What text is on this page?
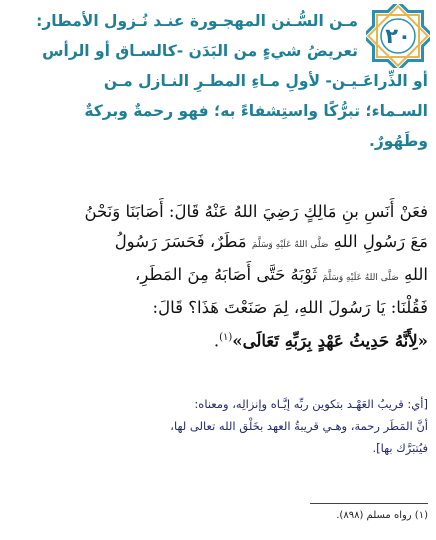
٢٠
مـن السُّـنن المهجـورة عنـد نُـزول الأمطار:
تعريضُ شيءٍ من البَدَن -كالسـاق أو الرأس
أو الذِّراعَـيـن- لأولِ مـاءِ المطـرِ النـازل مـن
السـماء؛ تبرُّكًا واستِشفاءً به؛ فهو رحمةٌ وبركةٌ
وطَهُورٌ.
فعَنْ أَنَسِ بنِ مَالِكٍ رَضِيَ اللهُ عَنْهُ قَالَ: أَصَابَنَا وَنَحْنُ
مَعَ رَسُولِ اللهِ صَلَّى اللهُ عَلَيْهِ وَسَلَّمَ مَطَرٌ، فَحَسَرَ رَسُولُ
اللهِ صَلَّى اللهُ عَلَيْهِ وَسَلَّمَ ثَوْبَهُ حَتَّى أَصَابَهُ مِنَ المَطَرِ،
فَقُلْنَا: يَا رَسُولَ اللهِ، لِمَ صَنَعْتَ هَذَا؟ قَالَ:
«لِأَنَّهُ حَدِيثُ عَهْدٍ بِرَبِّهِ تَعَالَى»$^{(١)}$.
[أي: قريبُ العَهْـد بتكوين ربِّه إيَّـاه وإنزالِه، ومعناه:
أنَّ المَطَر رحمة، وهـي قريبةُ العهد بخَلْق الله تعالى لها،
فيُتبَرَّك بها].
(١) رواه مسلم (٨٩٨).
